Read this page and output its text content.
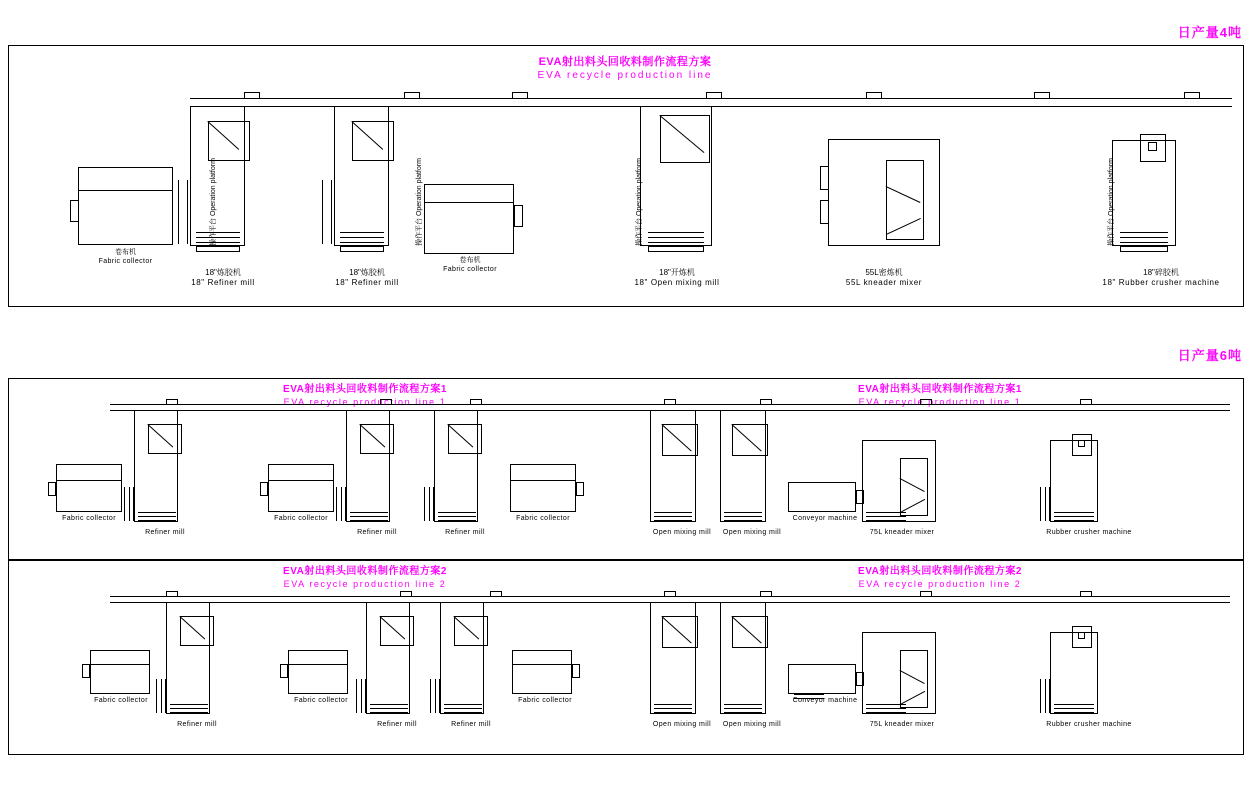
日产量4吨
EVA射出料头回收料制作流程方案
EVA recycle production line
卷布机
Fabric collector
操作平台 Operation platform
18"炼胶机
18" Refiner mill
操作平台 Operation platform
18"炼胶机
18" Refiner mill
卷布机
Fabric collector
操作平台 Operation platform
18"开炼机
18" Open mixing mill
55L密炼机
55L kneader mixer
操作平台 Operation platform
18"碎胶机
18" Rubber crusher machine
日产量6吨
EVA射出料头回收料制作流程方案1
EVA recycle production line 1
EVA射出料头回收料制作流程方案1
EVA recycle production line 1
Fabric collector
Refiner mill
Fabric collector
Refiner mill	Refiner mill
Fabric collector
Open mixing mill	Open mixing mill
Conveyor machine
75L kneader mixer	Rubber crusher machine
EVA射出料头回收料制作流程方案2
EVA recycle production line 2
EVA射出料头回收料制作流程方案2
EVA recycle production line 2
Fabric collector
Refiner mill
Fabric collector
Refiner mill	Refiner mill
Fabric collector
Open mixing mill	Open mixing mill
Conveyor machine
75L kneader mixer	Rubber crusher machine
